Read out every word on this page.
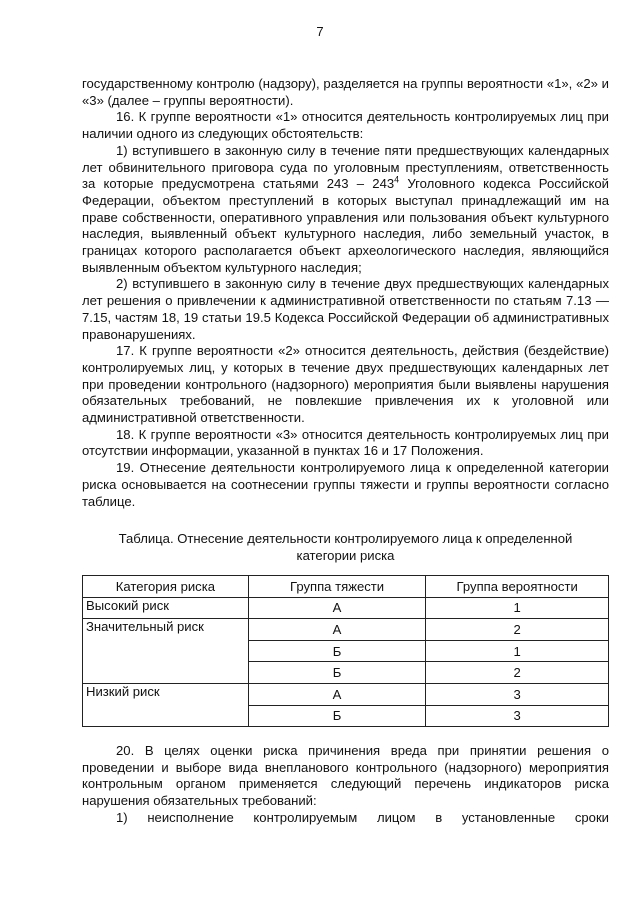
7

государственному контролю (надзору), разделяется на группы вероятности «1», «2» и «3» (далее – группы вероятности).

16. К группе вероятности «1» относится деятельность контролируемых лиц при наличии одного из следующих обстоятельств:

1) вступившего в законную силу в течение пяти предшествующих календарных лет обвинительного приговора суда по уголовным преступлениям, ответственность за которые предусмотрена статьями $243 - 243^4$ Уголовного кодекса Российской Федерации, объектом преступлений в которых выступал принадлежащий им на праве собственности, оперативного управления или пользования объект культурного наследия, выявленный объект культурного наследия, либо земельный участок, в границах которого располагается объект археологического наследия, являющийся выявленным объектом культурного наследия;

2) вступившего в законную силу в течение двух предшествующих календарных лет решения о привлечении к административной ответственности по статьям 7.13 — 7.15, частям 18, 19 статьи 19.5 Кодекса Российской Федерации об административных правонарушениях.

17. К группе вероятности «2» относится деятельность, действия (бездействие) контролируемых лиц, у которых в течение двух предшествующих календарных лет при проведении контрольного (надзорного) мероприятия были выявлены нарушения обязательных требований, не повлекшие привлечения их к уголовной или административной ответственности.

18. К группе вероятности «3» относится деятельность контролируемых лиц при отсутствии информации, указанной в пунктах 16 и 17 Положения.

19. Отнесение деятельности контролируемого лица к определенной категории риска основывается на соотнесении группы тяжести и группы вероятности согласно таблице.

Таблица. Отнесение деятельности контролируемого лица к определенной
категории риска
Категория риска	Группа тяжести	Группа вероятности
Высокий риск	А	1
Значительный риск	А	2
	Б	1
	Б	2
Низкий риск	А	3
	Б	3

20. В целях оценки риска причинения вреда при принятии решения о проведении и выборе вида внепланового контрольного (надзорного) мероприятия контрольным органом применяется следующий перечень индикаторов риска нарушения обязательных требований:

1) неисполнение контролируемым лицом в установленные сроки
